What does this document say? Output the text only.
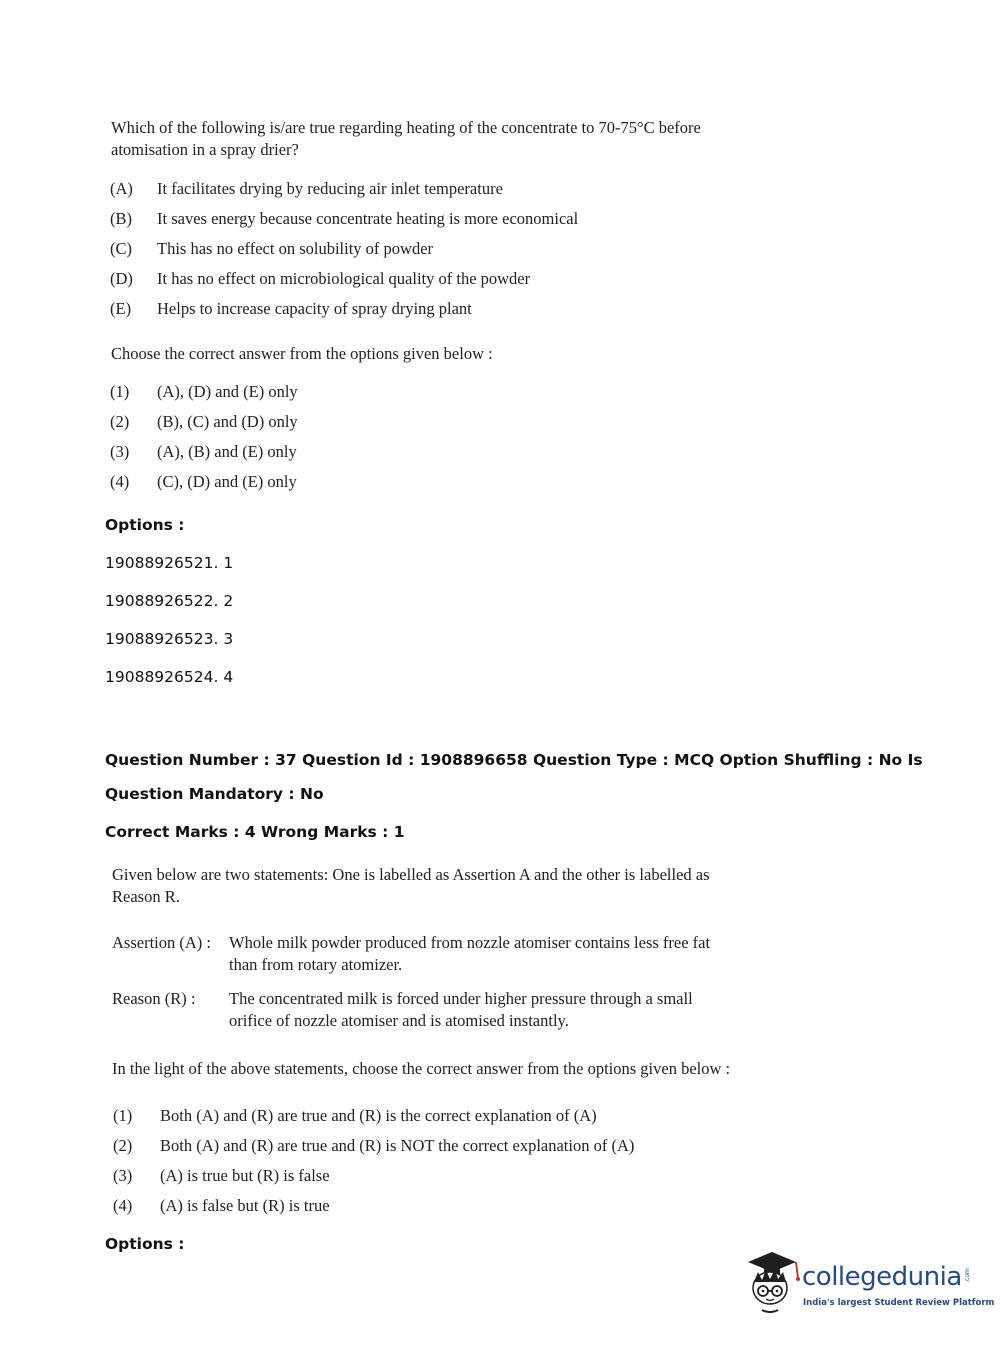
Which of the following is/are true regarding heating of the concentrate to 70-75°C before
atomisation in a spray drier?
(A) It facilitates drying by reducing air inlet temperature
(B) It saves energy because concentrate heating is more economical
(C) This has no effect on solubility of powder
(D) It has no effect on microbiological quality of the powder
(E) Helps to increase capacity of spray drying plant
Choose the correct answer from the options given below :
(1) (A), (D) and (E) only
(2) (B), (C) and (D) only
(3) (A), (B) and (E) only
(4) (C), (D) and (E) only
Options :
19088926521. 1
19088926522. 2
19088926523. 3
19088926524. 4
Question Number : 37 Question Id : 1908896658 Question Type : MCQ Option Shuffling : No Is
Question Mandatory : No
Correct Marks : 4 Wrong Marks : 1
Given below are two statements: One is labelled as Assertion A and the other is labelled as
Reason R.
Assertion (A) : Whole milk powder produced from nozzle atomiser contains less free fat
than from rotary atomizer.
Reason (R) : The concentrated milk is forced under higher pressure through a small
orifice of nozzle atomiser and is atomised instantly.
In the light of the above statements, choose the correct answer from the options given below :
(1) Both (A) and (R) are true and (R) is the correct explanation of (A)
(2) Both (A) and (R) are true and (R) is NOT the correct explanation of (A)
(3) (A) is true but (R) is false
(4) (A) is false but (R) is true
Options :
collegedunia .com
India's largest Student Review Platform
